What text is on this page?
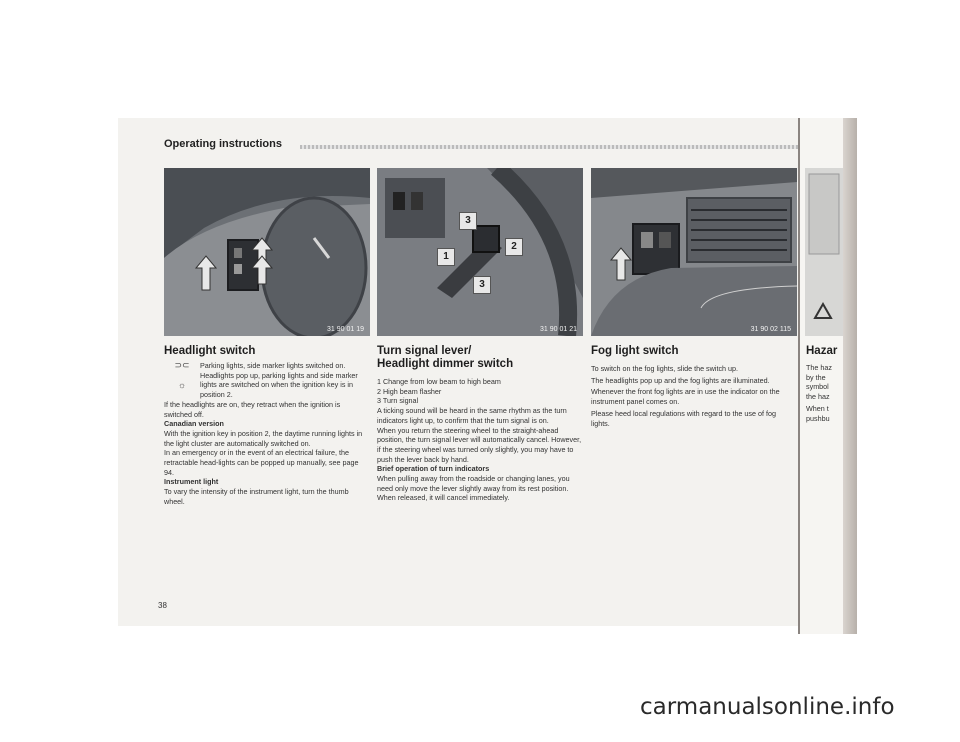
Operating instructions
31 90 01 19
3
1
2
3
31 90 01 21	31 90 02 115
Headlight switch
⊃⊂	Parking lights, side marker lights switched on.
☼
Headlights pop up, parking lights and side marker lights are switched on when the ignition key is in position 2.

If the headlights are on, they retract when the ignition is switched off.

Canadian version

With the ignition key in position 2, the daytime running lights in the light cluster are automatically switched on.

In an emergency or in the event of an electrical failure, the retractable head-lights can be popped up manually, see page 94.

Instrument light

To vary the intensity of the instrument light, turn the thumb wheel.

Turn signal lever/
Headlight dimmer switch

1 Change from low beam to high beam

2 High beam flasher

3 Turn signal

A ticking sound will be heard in the same rhythm as the turn indicators light up, to confirm that the turn signal is on.

When you return the steering wheel to the straight-ahead position, the turn signal lever will automatically cancel. However, if the steering wheel was turned only slightly, you may have to push the lever back by hand.

Brief operation of turn indicators

When pulling away from the roadside or changing lanes, you need only move the lever slightly away from its rest position. When released, it will cancel immediately.

Fog light switch

To switch on the fog lights, slide the switch up.

The headlights pop up and the fog lights are illuminated.

Whenever the front fog lights are in use the indicator on the instrument panel comes on.

Please heed local regulations with regard to the use of fog lights.

Hazar

The haz

by the

symbol

the haz

When t

pushbu

38
carmanualsonline.info
